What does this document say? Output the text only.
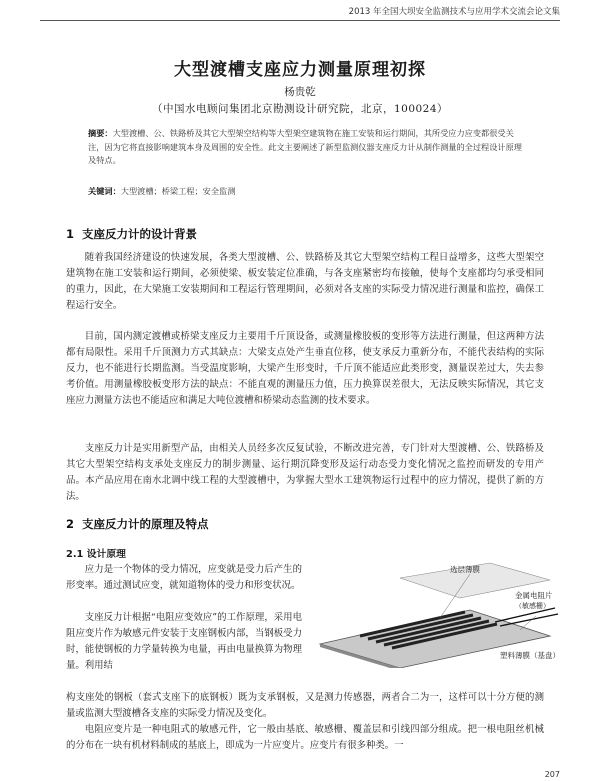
2013 年全国大坝安全监测技术与应用学术交流会论文集
大型渡槽支座应力测量原理初探
杨贵乾
（中国水电顾问集团北京勘测设计研究院，北京，100024）
摘要：大型渡槽、公、铁路桥及其它大型架空结构等大型架空建筑物在施工安装和运行期间，其所受应力应变都很受关注，因为它将直接影响建筑本身及周围的安全性。此文主要阐述了新型监测仪器支座反力计从制作测量的全过程设计原理及特点。
关键词：大型渡槽；桥梁工程；安全监测
1 支座反力计的设计背景

随着我国经济建设的快速发展，各类大型渡槽、公、铁路桥及其它大型架空结构工程日益增多，这些大型架空建筑物在施工安装和运行期间，必须使梁、板安装定位准确，与各支座紧密均布接触，使每个支座都均匀承受相同的重力，因此，在大梁施工安装期间和工程运行管理期间，必须对各支座的实际受力情况进行测量和监控，确保工程运行安全。

目前，国内测定渡槽或桥梁支座反力主要用千斤顶设备，或测量橡胶板的变形等方法进行测量，但这两种方法都有局限性。采用千斤顶测力方式其缺点：大梁支点处产生垂直位移，使支承反力重新分布，不能代表结构的实际反力，也不能进行长期监测。当受温度影响，大梁产生形变时，千斤顶不能适应此类形变，测量误差过大，失去参考价值。用测量橡胶板变形方法的缺点：不能直观的测量压力值，压力换算误差很大，无法反映实际情况，其它支座应力测量方法也不能适应和满足大吨位渡槽和桥梁动态监测的技术要求。

支座反力计是实用新型产品，由相关人员经多次反复试验，不断改进完善，专门针对大型渡槽、公、铁路桥及其它大型架空结构支承处支座反力的制步测量、运行期沉降变形及运行动态受力变化情况之监控而研发的专用产品。本产品应用在南水北调中线工程的大型渡槽中，为掌握大型水工建筑物运行过程中的应力情况，提供了新的方法。

2 支座反力计的原理及特点
2.1 设计原理

应力是一个物体的受力情况，应变就是受力后产生的形变率。通过测试应变，就知道物体的受力和形变状况。

支座反力计根据“电阻应变效应”的工作原理，采用电阻应变片作为敏感元件安装于支座钢板内部，当钢板受力时，能使钢板的力学量转换为电量，再由电量换算为物理量。利用结

构支座处的钢板（套式支座下的底钢板）既为支承钢板，又是测力传感器，两者合二为一，这样可以十分方便的测量或监测大型渡槽各支座的实际受力情况及变化。

电阻应变片是一种电阻式的敏感元件，它一般由基底、敏感栅、覆盖层和引线四部分组成。把一根电阻丝机械的分布在一块有机材料制成的基底上，即成为一片应变片。应变片有很多种类。一

选层薄膜
金属电阻片
（敏感栅）
塑料薄膜（基盘）
207
